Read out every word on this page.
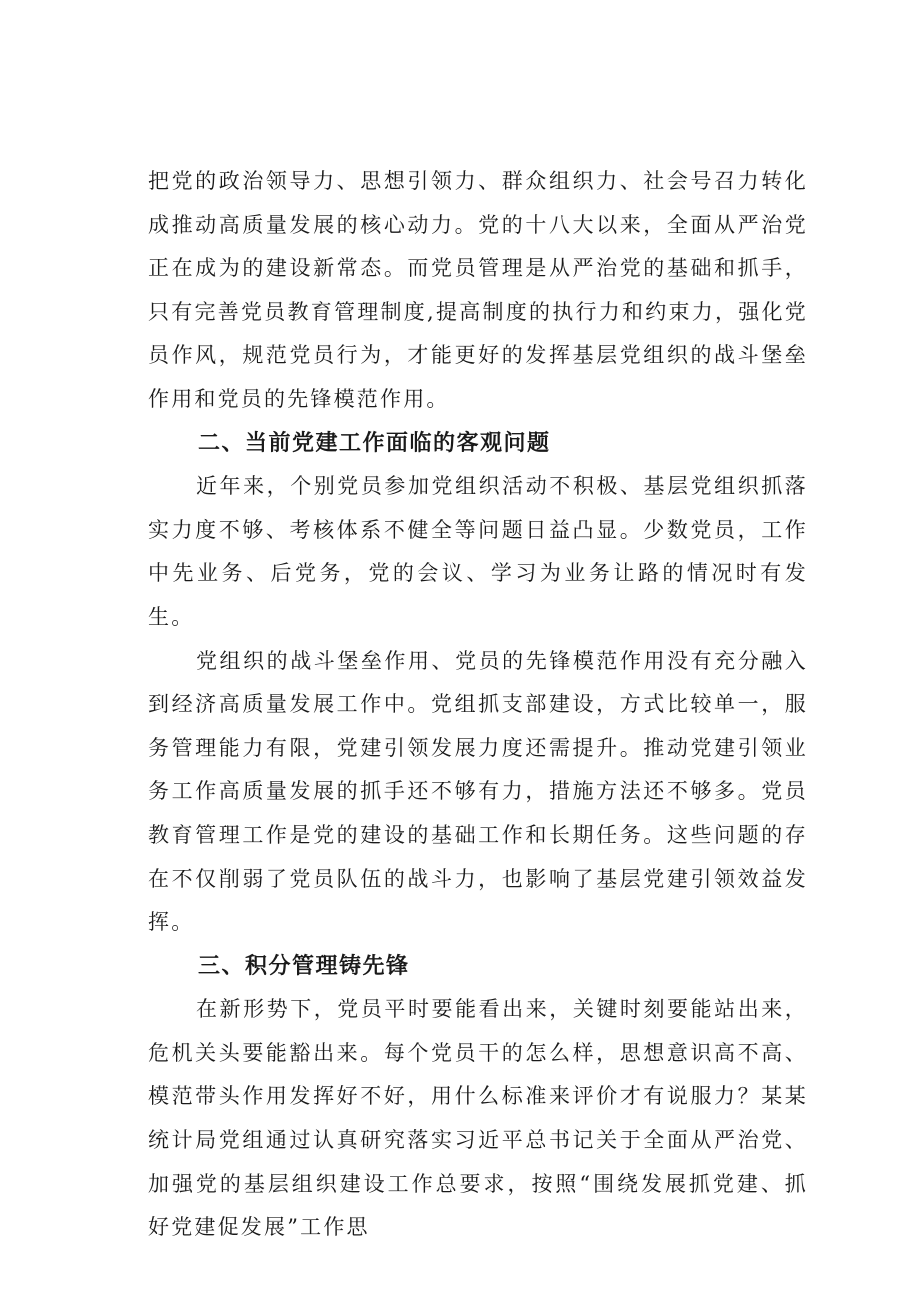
把党的政治领导力、思想引领力、群众组织力、社会号召力转化成推动高质量发展的核心动力。党的十八大以来，全面从严治党正在成为的建设新常态。而党员管理是从严治党的基础和抓手，只有完善党员教育管理制度,提高制度的执行力和约束力，强化党员作风，规范党员行为，才能更好的发挥基层党组织的战斗堡垒作用和党员的先锋模范作用。

二、当前党建工作面临的客观问题

近年来，个别党员参加党组织活动不积极、基层党组织抓落实力度不够、考核体系不健全等问题日益凸显。少数党员，工作中先业务、后党务，党的会议、学习为业务让路的情况时有发生。

党组织的战斗堡垒作用、党员的先锋模范作用没有充分融入到经济高质量发展工作中。党组抓支部建设，方式比较单一，服务管理能力有限，党建引领发展力度还需提升。推动党建引领业务工作高质量发展的抓手还不够有力，措施方法还不够多。党员教育管理工作是党的建设的基础工作和长期任务。这些问题的存在不仅削弱了党员队伍的战斗力，也影响了基层党建引领效益发挥。

三、积分管理铸先锋

在新形势下，党员平时要能看出来，关键时刻要能站出来，危机关头要能豁出来。每个党员干的怎么样，思想意识高不高、模范带头作用发挥好不好，用什么标准来评价才有说服力？某某统计局党组通过认真研究落实习近平总书记关于全面从严治党、加强党的基层组织建设工作总要求，按照“围绕发展抓党建、抓好党建促发展”工作思
